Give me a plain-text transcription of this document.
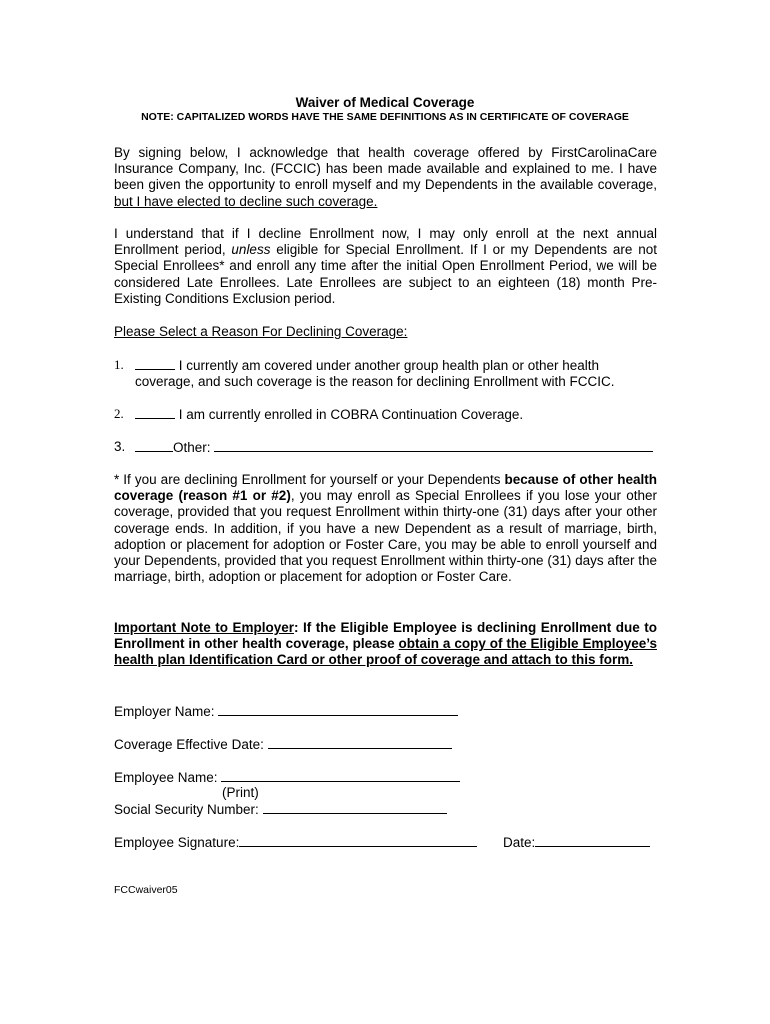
Waiver of Medical Coverage
NOTE: CAPITALIZED WORDS HAVE THE SAME DEFINITIONS AS IN CERTIFICATE OF COVERAGE
By signing below, I acknowledge that health coverage offered by FirstCarolinaCare Insurance Company, Inc. (FCCIC) has been made available and explained to me. I have been given the opportunity to enroll myself and my Dependents in the available coverage, but I have elected to decline such coverage.
I understand that if I decline Enrollment now, I may only enroll at the next annual Enrollment period, unless eligible for Special Enrollment. If I or my Dependents are not Special Enrollees* and enroll any time after the initial Open Enrollment Period, we will be considered Late Enrollees. Late Enrollees are subject to an eighteen (18) month Pre-Existing Conditions Exclusion period.
Please Select a Reason For Declining Coverage:
1.	I currently am covered under another group health plan or other health coverage, and such coverage is the reason for declining Enrollment with FCCIC.
2.	I am currently enrolled in COBRA Continuation Coverage.
3.	Other:
* If you are declining Enrollment for yourself or your Dependents because of other health coverage (reason #1 or #2), you may enroll as Special Enrollees if you lose your other coverage, provided that you request Enrollment within thirty-one (31) days after your other coverage ends. In addition, if you have a new Dependent as a result of marriage, birth, adoption or placement for adoption or Foster Care, you may be able to enroll yourself and your Dependents, provided that you request Enrollment within thirty-one (31) days after the marriage, birth, adoption or placement for adoption or Foster Care.
Important Note to Employer: If the Eligible Employee is declining Enrollment due to Enrollment in other health coverage, please obtain a copy of the Eligible Employee’s health plan Identification Card or other proof of coverage and attach to this form.
Employer Name:
Coverage Effective Date:
Employee Name:
(Print)
Social Security Number:
Employee Signature:	Date:
FCCwaiver05
